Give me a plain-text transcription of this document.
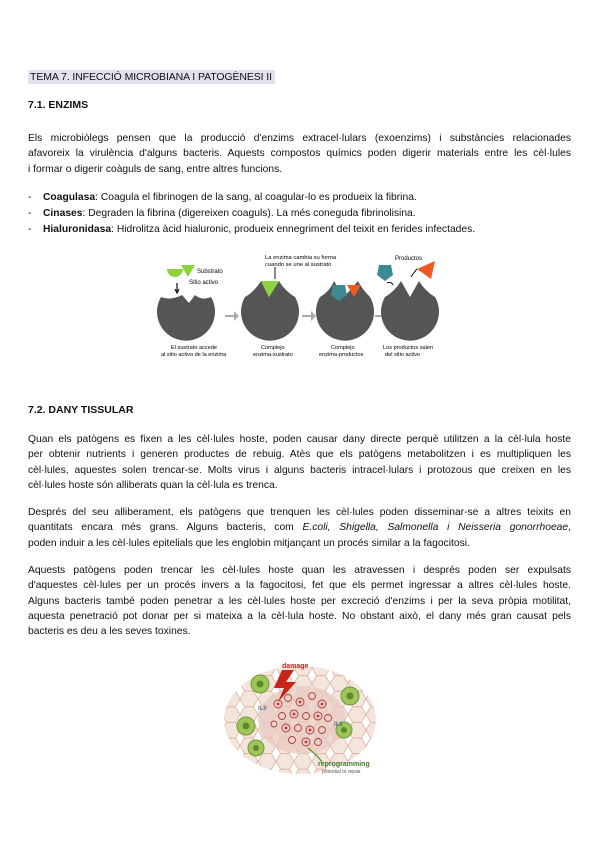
TEMA 7. INFECCIÓ MICROBIANA I PATOGÈNESI II
7.1. ENZIMS

Els microbiòlegs pensen que la producció d'enzims extracel·lulars (exoenzims) i substàncies relacionades
afavoreix la virulència d'alguns bacteris. Aquests compostos químics poden digerir materials entre les cèl·lules
i formar o digerir coàguls de sang, entre altres funcions.

- Coagulasa: Coagula el fibrinogen de la sang, al coagular-lo es produeix la fibrina.
- Cinases: Degraden la fibrina (digereixen coaguls). La més coneguda fibrinolisina.
- Hialuronidasa: Hidrolitza àcid hialuronic, produeix ennegriment del teixit en ferides infectades.
Substrato
Sitio activo
La enzima cambia su forma
cuando se une al sustrato
Productos
El sustrato accede
al sitio activo de la enzima
Complejo
enzima-sustrato
Complejo
enzima-productos
Los productos salen
del sitio activo
7.2. DANY TISSULAR

Quan els patògens es fixen a les cèl·lules hoste, poden causar dany directe perquè utilitzen a la cèl·lula hoste
per obtenir nutrients i generen productes de rebuig. Atès que els patògens metabolitzen i es multipliquen les
cèl·lules, aquestes solen trencar-se. Molts virus i alguns bacteris intracel·lulars i protozous que creixen en les
cèl·lules hoste són alliberats quan la cèl·lula es trenca.

Després del seu alliberament, els patògens que trenquen les cèl·lules poden disseminar-se a altres teixits en
quantitats encara més grans. Alguns bacteris, com E.coli, Shigella, Salmonella i Neisseria gonorrhoeae,
poden induir a les cèl·lules epitelials que les englobin mitjançant un procés similar a la fagocitosi.

Aquests patògens poden trencar les cèl·lules hoste quan les atravessen i després poden ser expulsats
d'aquestes cèl·lules per un procés invers a la fagocitosi, fet que els permet ingressar a altres cèl·lules hoste.
Alguns bacteris també poden penetrar a les cèl·lules hoste per excreció d'enzims i per la seva pròpia motilitat,
aquesta penetració pot donar per si mateixa a la cèl·lula hoste. No obstant això, el dany més gran causat pels
bacteris es deu a les seves toxines.

damage
IL6
IL6
reprogramming
potential to repair
